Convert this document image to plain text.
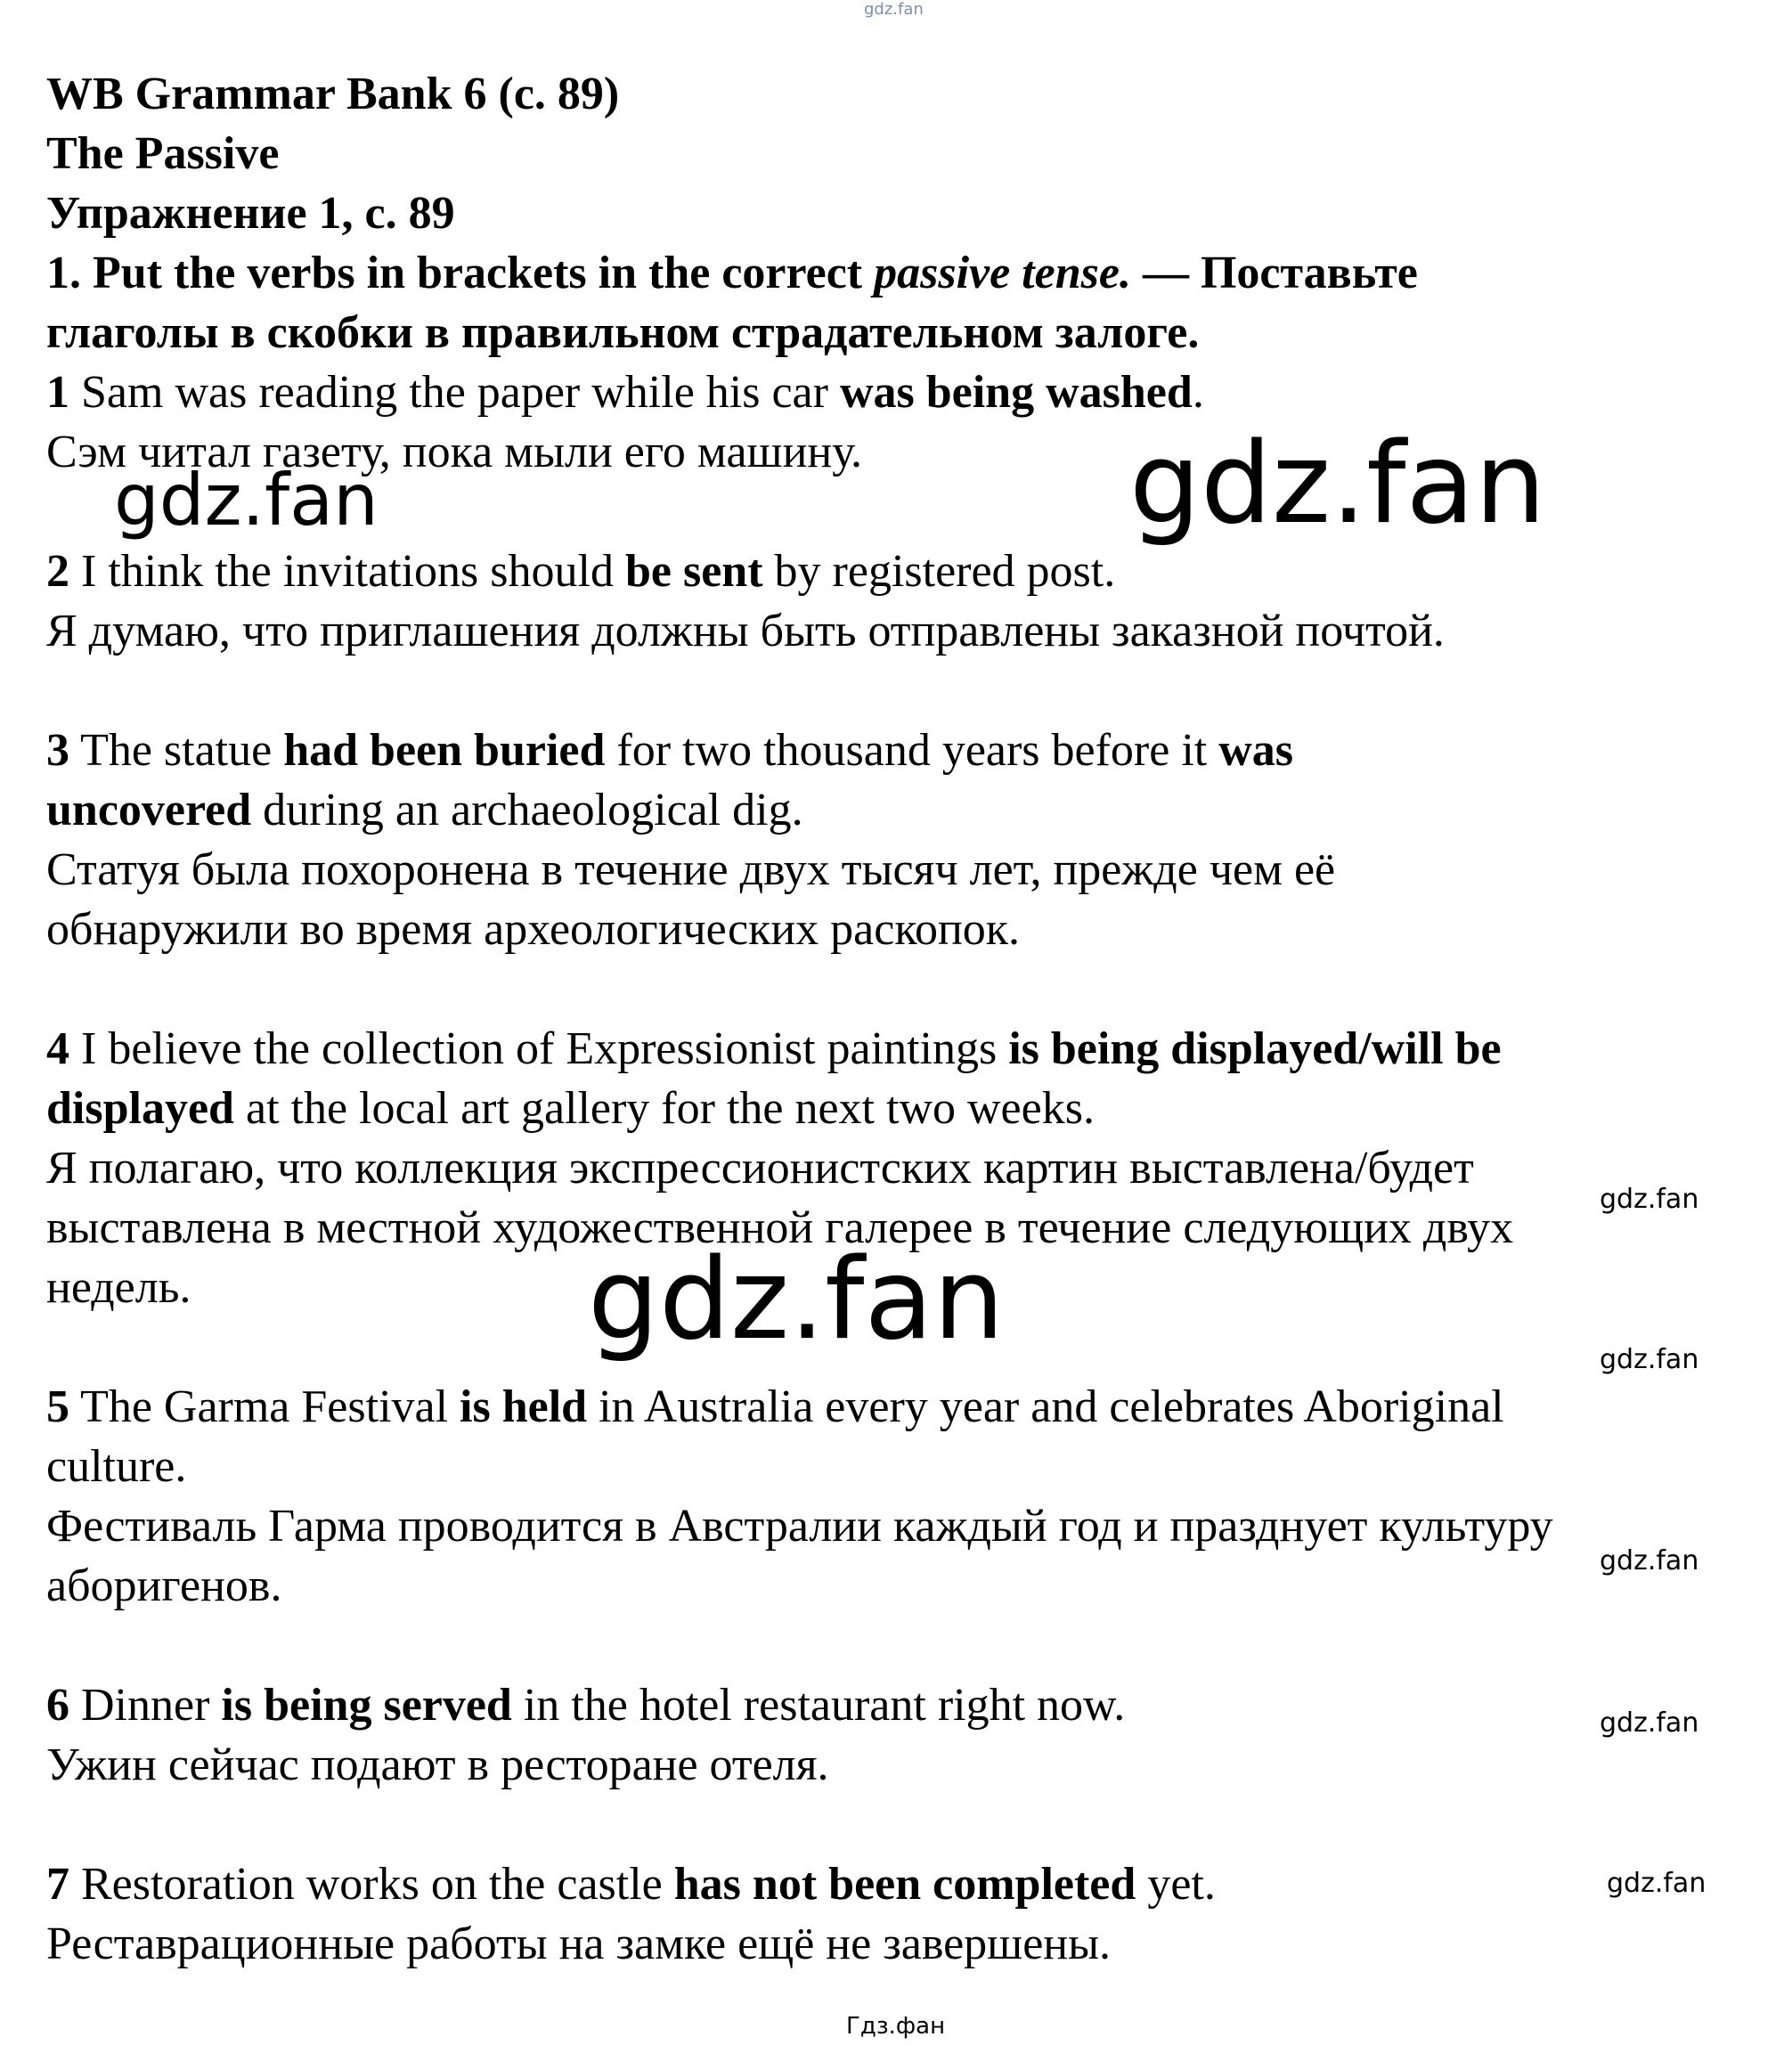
WB Grammar Bank 6 (c. 89)
The Passive
Упражнение 1, с. 89
1. Put the verbs in brackets in the correct passive tense. — Поставьте
глаголы в скобки в правильном страдательном залоге.
1 Sam was reading the paper while his car was being washed.
Сэм читал газету, пока мыли его машину.
2 I think the invitations should be sent by registered post.
Я думаю, что приглашения должны быть отправлены заказной почтой.
3 The statue had been buried for two thousand years before it was
uncovered during an archaeological dig.
Статуя была похоронена в течение двух тысяч лет, прежде чем её
обнаружили во время археологических раскопок.
4 I believe the collection of Expressionist paintings is being displayed/will be
displayed at the local art gallery for the next two weeks.
Я полагаю, что коллекция экспрессионистских картин выставлена/будет
выставлена в местной художественной галерее в течение следующих двух
недель.
5 The Garma Festival is held in Australia every year and celebrates Aboriginal
culture.
Фестиваль Гарма проводится в Австралии каждый год и празднует культуру
аборигенов.
6 Dinner is being served in the hotel restaurant right now.
Ужин сейчас подают в ресторане отеля.
7 Restoration works on the castle has not been completed yet.
Реставрационные работы на замке ещё не завершены.
gdz.fan
gdz.fan	gdz.fan
gdz.fan
gdz.fan
gdz.fan
gdz.fan
gdz.fan
gdz.fan
Гдз.фан
